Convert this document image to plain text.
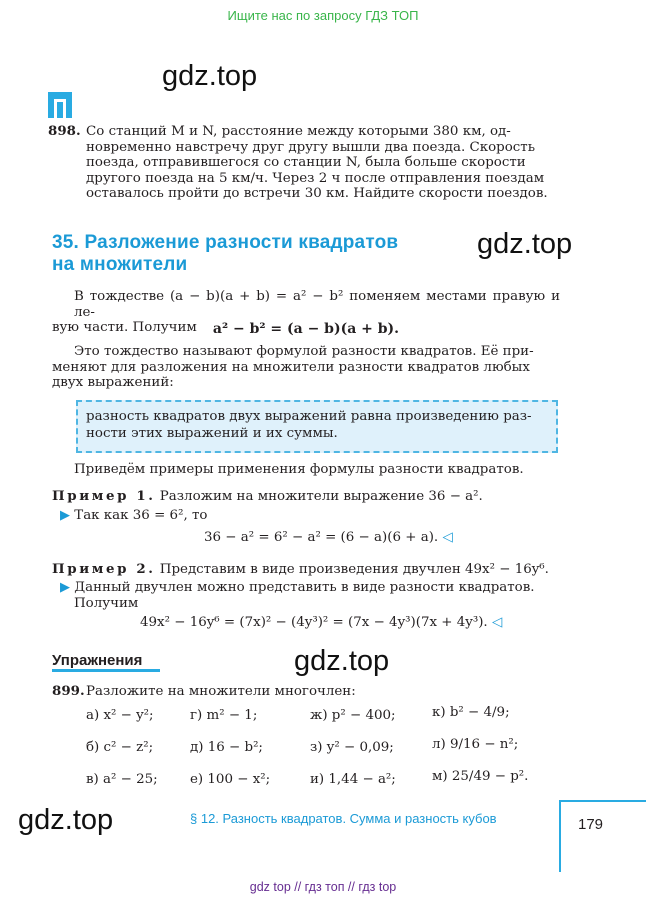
Ищите нас по запросу ГДЗ ТОП
gdz.top
gdz.top
gdz.top
gdz.top
898. Со станций M и N, расстояние между которыми 380 км, од-
новременно навстречу друг другу вышли два поезда. Скорость
поезда, отправившегося со станции N, была больше скорости
другого поезда на 5 км/ч. Через 2 ч после отправления поездам
оставалось пройти до встречи 30 км. Найдите скорости поездов.
35. Разложение разности квадратов
на множители
В тождестве (a − b)(a + b) = a² − b² поменяем местами правую и ле-
вую части. Получим	a² − b² = (a − b)(a + b).
Это тождество называют формулой разности квадратов. Её при-
меняют для разложения на множители разности квадратов любых
двух выражений:
разность квадратов двух выражений равна произведению раз-
ности этих выражений и их суммы.
Приведём примеры применения формулы разности квадратов.
Пример 1. Разложим на множители выражение 36 − a².
▶ Так как 36 = 6², то
36 − a² = 6² − a² = (6 − a)(6 + a). ◁
Пример 2. Представим в виде произведения двучлен 49x² − 16y⁶.
▶ Данный двучлен можно представить в виде разности квадратов.
Получим
49x² − 16y⁶ = (7x)² − (4y³)² = (7x − 4y³)(7x + 4y³). ◁
Упражнения
899. Разложите на множители многочлен:
а) x² − y²;	г) m² − 1;	ж) p² − 400;	к) b² − 4/9;
б) c² − z²;	д) 16 − b²;	з) y² − 0,09;	л) 9/16 − n²;
в) a² − 25; е) 100 − x²;	и) 1,44 − a²;	м) 25/49 − p².
§ 12. Разность квадратов. Сумма и разность кубов	179
gdz top // гдз топ // гдз top
